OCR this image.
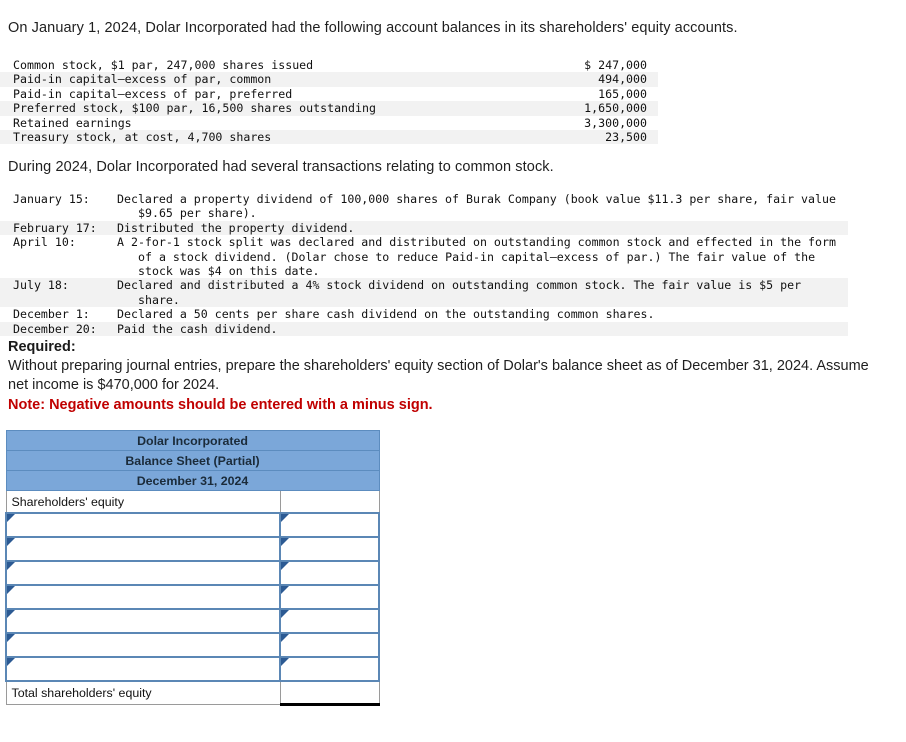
On January 1, 2024, Dolar Incorporated had the following account balances in its shareholders' equity accounts.
Common stock, $1 par, 247,000 shares issued	$ 247,000
Paid-in capital–excess of par, common	494,000
Paid-in capital–excess of par, preferred	165,000
Preferred stock, $100 par, 16,500 shares outstanding	1,650,000
Retained earnings	3,300,000
Treasury stock, at cost, 4,700 shares	23,500
During 2024, Dolar Incorporated had several transactions relating to common stock.
January 15:	Declared a property dividend of 100,000 shares of Burak Company (book value $11.3 per share, fair value $9.65 per share).

February 17:	Distributed the property dividend.

April 10:	A 2-for-1 stock split was declared and distributed on outstanding common stock and effected in the form of a stock dividend. (Dolar chose to reduce Paid-in capital–excess of par.) The fair value of the stock was $4 on this date.

July 18:	Declared and distributed a 4% stock dividend on outstanding common stock. The fair value is $5 per share.

December 1:	Declared a 50 cents per share cash dividend on the outstanding common shares.

December 20:	Paid the cash dividend.
Required:
Without preparing journal entries, prepare the shareholders' equity section of Dolar's balance sheet as of December 31, 2024. Assume net income is $470,000 for 2024.
Note: Negative amounts should be entered with a minus sign.
Dolar Incorporated	
Balance Sheet (Partial)	
December 31, 2024	
Shareholders' equity	

Total shareholders' equity	
